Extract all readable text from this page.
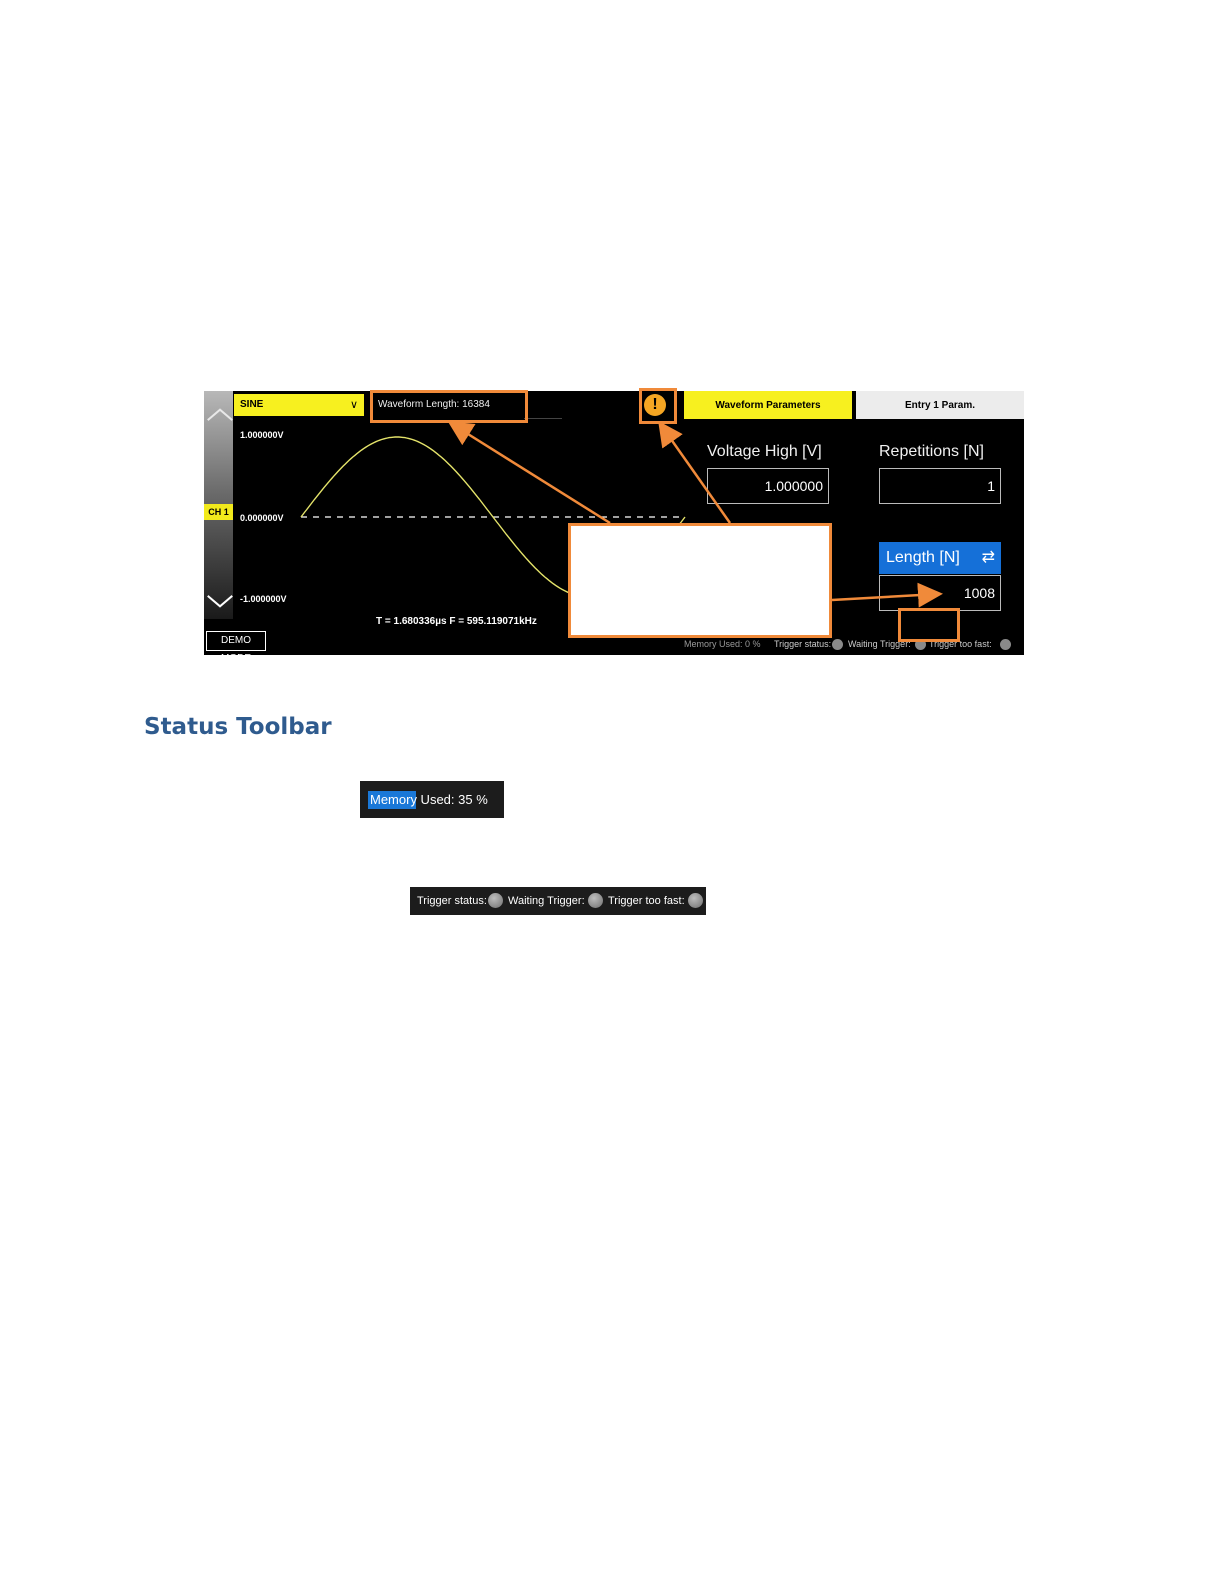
︿
﹀
CH 1
SINE	∨	Waveform Length: 16384	!	Waveform Parameters	Entry 1 Param.
1.000000V
0.000000V
-1.000000V
T = 1.680336µs F = 595.119071kHz
DEMO MODE
Voltage High [V]
1.000000
Repetitions [N]
1
Length [N] ⇄
1008
Memory Used: 0 % Trigger status: Waiting Trigger: Trigger too fast:
Status Toolbar
Memory Used: 35 %
Trigger status: Waiting Trigger: Trigger too fast:
